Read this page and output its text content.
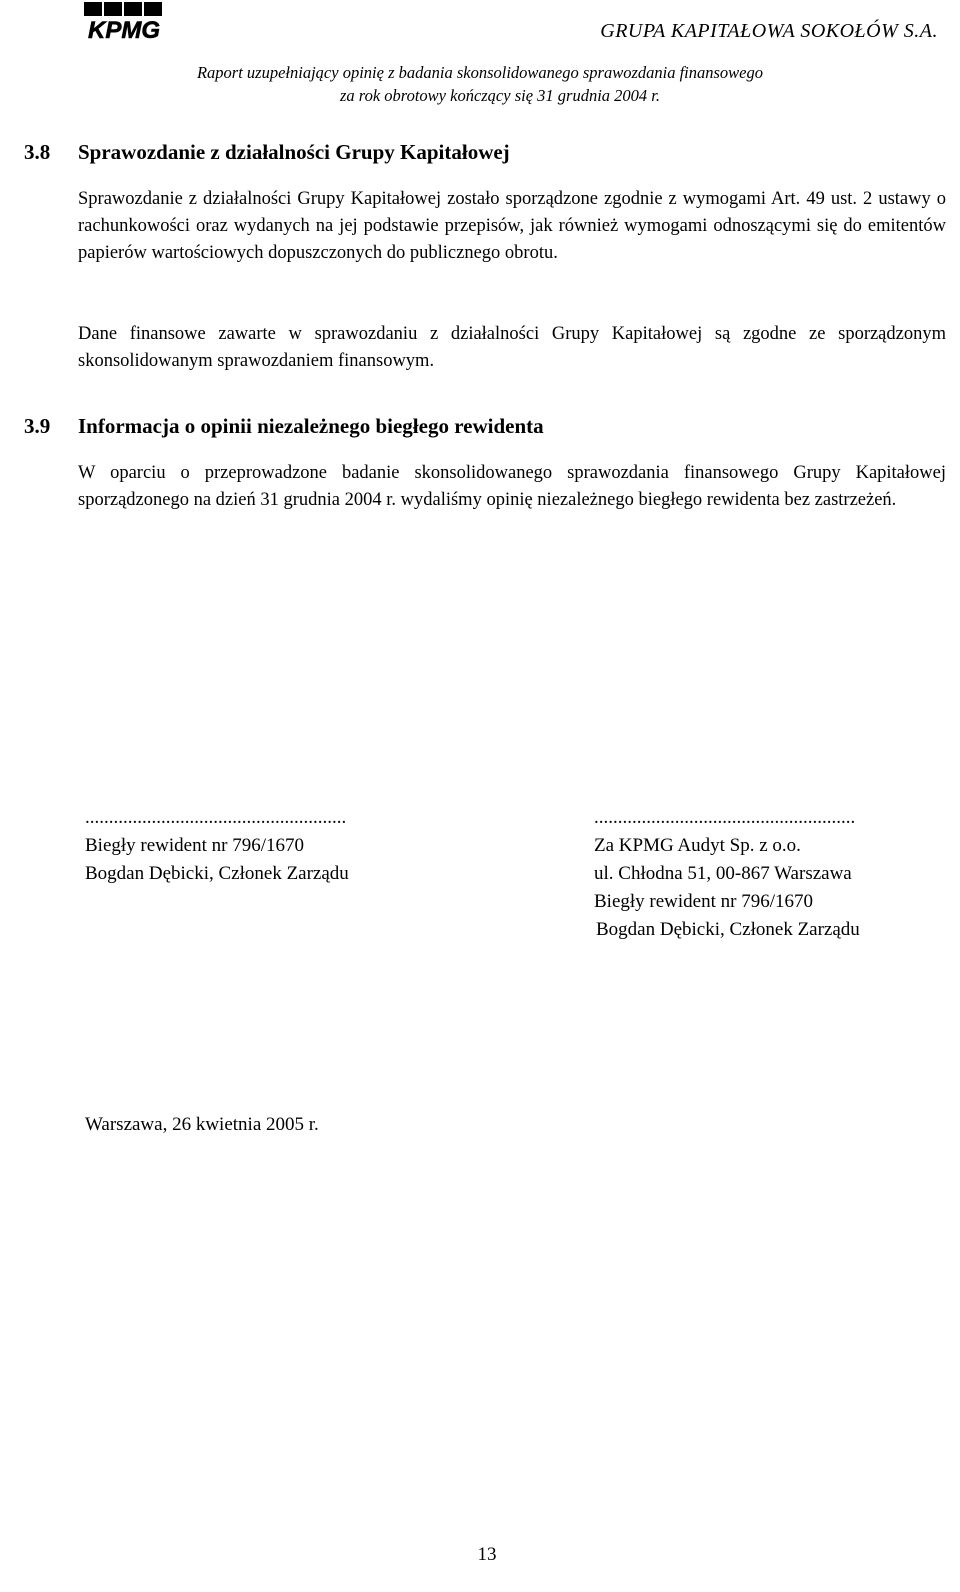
KPMG	GRUPA KAPITAŁOWA SOKOŁÓW S.A.
Raport uzupełniający opinię z badania skonsolidowanego sprawozdania finansowego
za rok obrotowy kończący się 31 grudnia 2004 r.
3.8 Sprawozdanie z działalności Grupy Kapitałowej
Sprawozdanie z działalności Grupy Kapitałowej zostało sporządzone zgodnie z wymogami Art. 49 ust. 2 ustawy o rachunkowości oraz wydanych na jej podstawie przepisów, jak również wymogami odnoszącymi się do emitentów papierów wartościowych dopuszczonych do publicznego obrotu.
Dane finansowe zawarte w sprawozdaniu z działalności Grupy Kapitałowej są zgodne ze sporządzonym skonsolidowanym sprawozdaniem finansowym.
3.9 Informacja o opinii niezależnego biegłego rewidenta
W oparciu o przeprowadzone badanie skonsolidowanego sprawozdania finansowego Grupy Kapitałowej sporządzonego na dzień 31 grudnia 2004 r. wydaliśmy opinię niezależnego biegłego rewidenta bez zastrzeżeń.
.......................................................
Biegły rewident nr 796/1670
Bogdan Dębicki, Członek Zarządu
.......................................................
Za KPMG Audyt Sp. z o.o.
ul. Chłodna 51, 00-867 Warszawa
Biegły rewident nr 796/1670
Bogdan Dębicki, Członek Zarządu
Warszawa, 26 kwietnia 2005 r.
13
